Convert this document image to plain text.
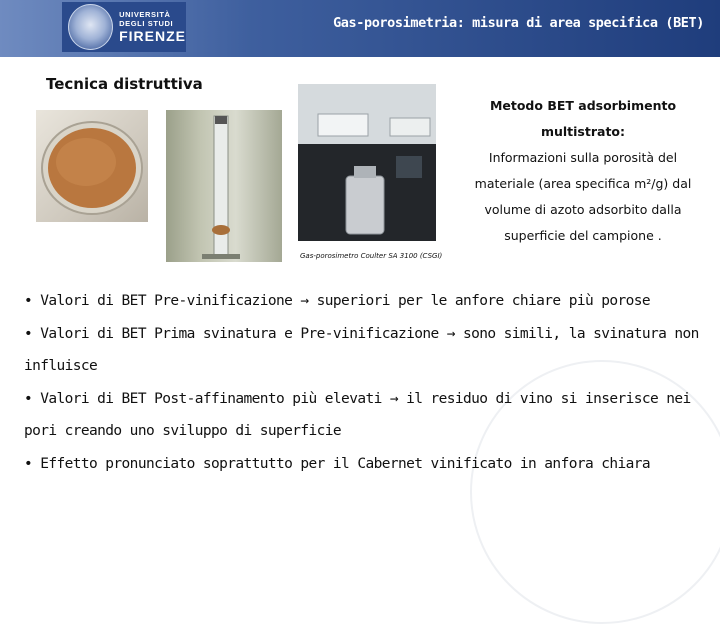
UNIVERSITÀ
DEGLI STUDI
FIRENZE
Gas-porosimetria: misura di area specifica (BET)
Tecnica distruttiva
Gas-porosimetro Coulter SA 3100 (CSGI)
Metodo BET adsorbimento
multistrato:
Informazioni sulla porosità del
materiale (area specifica m²/g) dal
volume di azoto adsorbito dalla
superficie del campione .

• Valori di BET Pre-vinificazione → superiori per le anfore chiare più porose

• Valori di BET Prima svinatura e Pre-vinificazione → sono simili, la svinatura non influisce

• Valori di BET Post-affinamento più elevati → il residuo di vino si inserisce nei pori creando uno sviluppo di superficie

• Effetto pronunciato soprattutto per il Cabernet vinificato in anfora chiara
